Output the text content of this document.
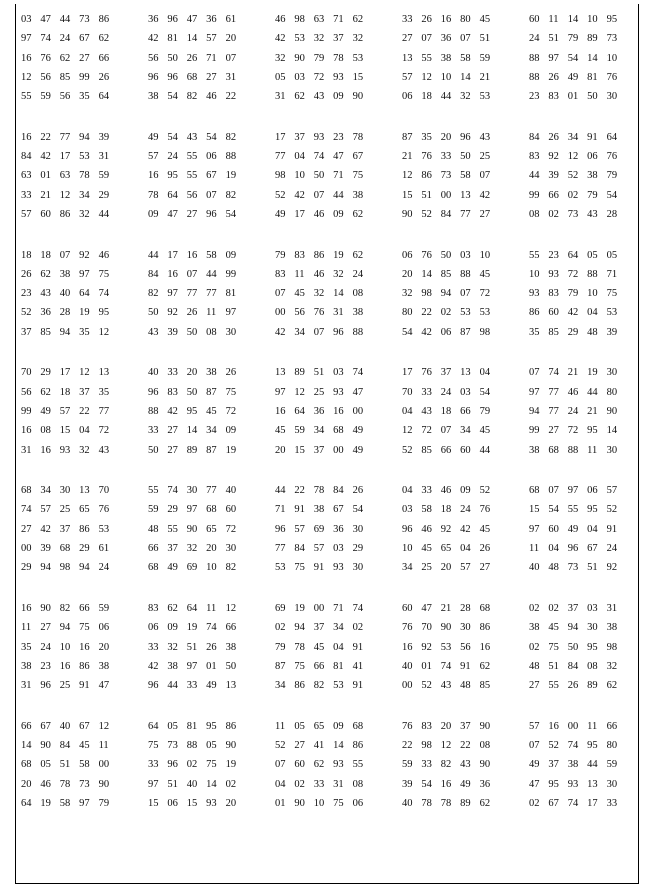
03 47 44 73 86	36 96 47 36 61	46 98 63 71 62	33 26 16 80 45	60 11 14 10 95
97 74 24 67 62	42 81 14 57 20	42 53 32 37 32	27 07 36 07 51	24 51 79 89 73
16 76 62 27 66	56 50 26 71 07	32 90 79 78 53	13 55 38 58 59	88 97 54 14 10
12 56 85 99 26	96 96 68 27 31	05 03 72 93 15	57 12 10 14 21	88 26 49 81 76
55 59 56 35 64	38 54 82 46 22	31 62 43 09 90	06 18 44 32 53	23 83 01 50 30
16 22 77 94 39	49 54 43 54 82	17 37 93 23 78	87 35 20 96 43	84 26 34 91 64
84 42 17 53 31	57 24 55 06 88	77 04 74 47 67	21 76 33 50 25	83 92 12 06 76
63 01 63 78 59	16 95 55 67 19	98 10 50 71 75	12 86 73 58 07	44 39 52 38 79
33 21 12 34 29	78 64 56 07 82	52 42 07 44 38	15 51 00 13 42	99 66 02 79 54
57 60 86 32 44	09 47 27 96 54	49 17 46 09 62	90 52 84 77 27	08 02 73 43 28
18 18 07 92 46	44 17 16 58 09	79 83 86 19 62	06 76 50 03 10	55 23 64 05 05
26 62 38 97 75	84 16 07 44 99	83 11 46 32 24	20 14 85 88 45	10 93 72 88 71
23 43 40 64 74	82 97 77 77 81	07 45 32 14 08	32 98 94 07 72	93 83 79 10 75
52 36 28 19 95	50 92 26 11 97	00 56 76 31 38	80 22 02 53 53	86 60 42 04 53
37 85 94 35 12	43 39 50 08 30	42 34 07 96 88	54 42 06 87 98	35 85 29 48 39
70 29 17 12 13	40 33 20 38 26	13 89 51 03 74	17 76 37 13 04	07 74 21 19 30
56 62 18 37 35	96 83 50 87 75	97 12 25 93 47	70 33 24 03 54	97 77 46 44 80
99 49 57 22 77	88 42 95 45 72	16 64 36 16 00	04 43 18 66 79	94 77 24 21 90
16 08 15 04 72	33 27 14 34 09	45 59 34 68 49	12 72 07 34 45	99 27 72 95 14
31 16 93 32 43	50 27 89 87 19	20 15 37 00 49	52 85 66 60 44	38 68 88 11 30
68 34 30 13 70	55 74 30 77 40	44 22 78 84 26	04 33 46 09 52	68 07 97 06 57
74 57 25 65 76	59 29 97 68 60	71 91 38 67 54	03 58 18 24 76	15 54 55 95 52
27 42 37 86 53	48 55 90 65 72	96 57 69 36 30	96 46 92 42 45	97 60 49 04 91
00 39 68 29 61	66 37 32 20 30	77 84 57 03 29	10 45 65 04 26	11 04 96 67 24
29 94 98 94 24	68 49 69 10 82	53 75 91 93 30	34 25 20 57 27	40 48 73 51 92
16 90 82 66 59	83 62 64 11 12	69 19 00 71 74	60 47 21 28 68	02 02 37 03 31
11 27 94 75 06	06 09 19 74 66	02 94 37 34 02	76 70 90 30 86	38 45 94 30 38
35 24 10 16 20	33 32 51 26 38	79 78 45 04 91	16 92 53 56 16	02 75 50 95 98
38 23 16 86 38	42 38 97 01 50	87 75 66 81 41	40 01 74 91 62	48 51 84 08 32
31 96 25 91 47	96 44 33 49 13	34 86 82 53 91	00 52 43 48 85	27 55 26 89 62
66 67 40 67 12	64 05 81 95 86	11 05 65 09 68	76 83 20 37 90	57 16 00 11 66
14 90 84 45 11	75 73 88 05 90	52 27 41 14 86	22 98 12 22 08	07 52 74 95 80
68 05 51 58 00	33 96 02 75 19	07 60 62 93 55	59 33 82 43 90	49 37 38 44 59
20 46 78 73 90	97 51 40 14 02	04 02 33 31 08	39 54 16 49 36	47 95 93 13 30
64 19 58 97 79	15 06 15 93 20	01 90 10 75 06	40 78 78 89 62	02 67 74 17 33
